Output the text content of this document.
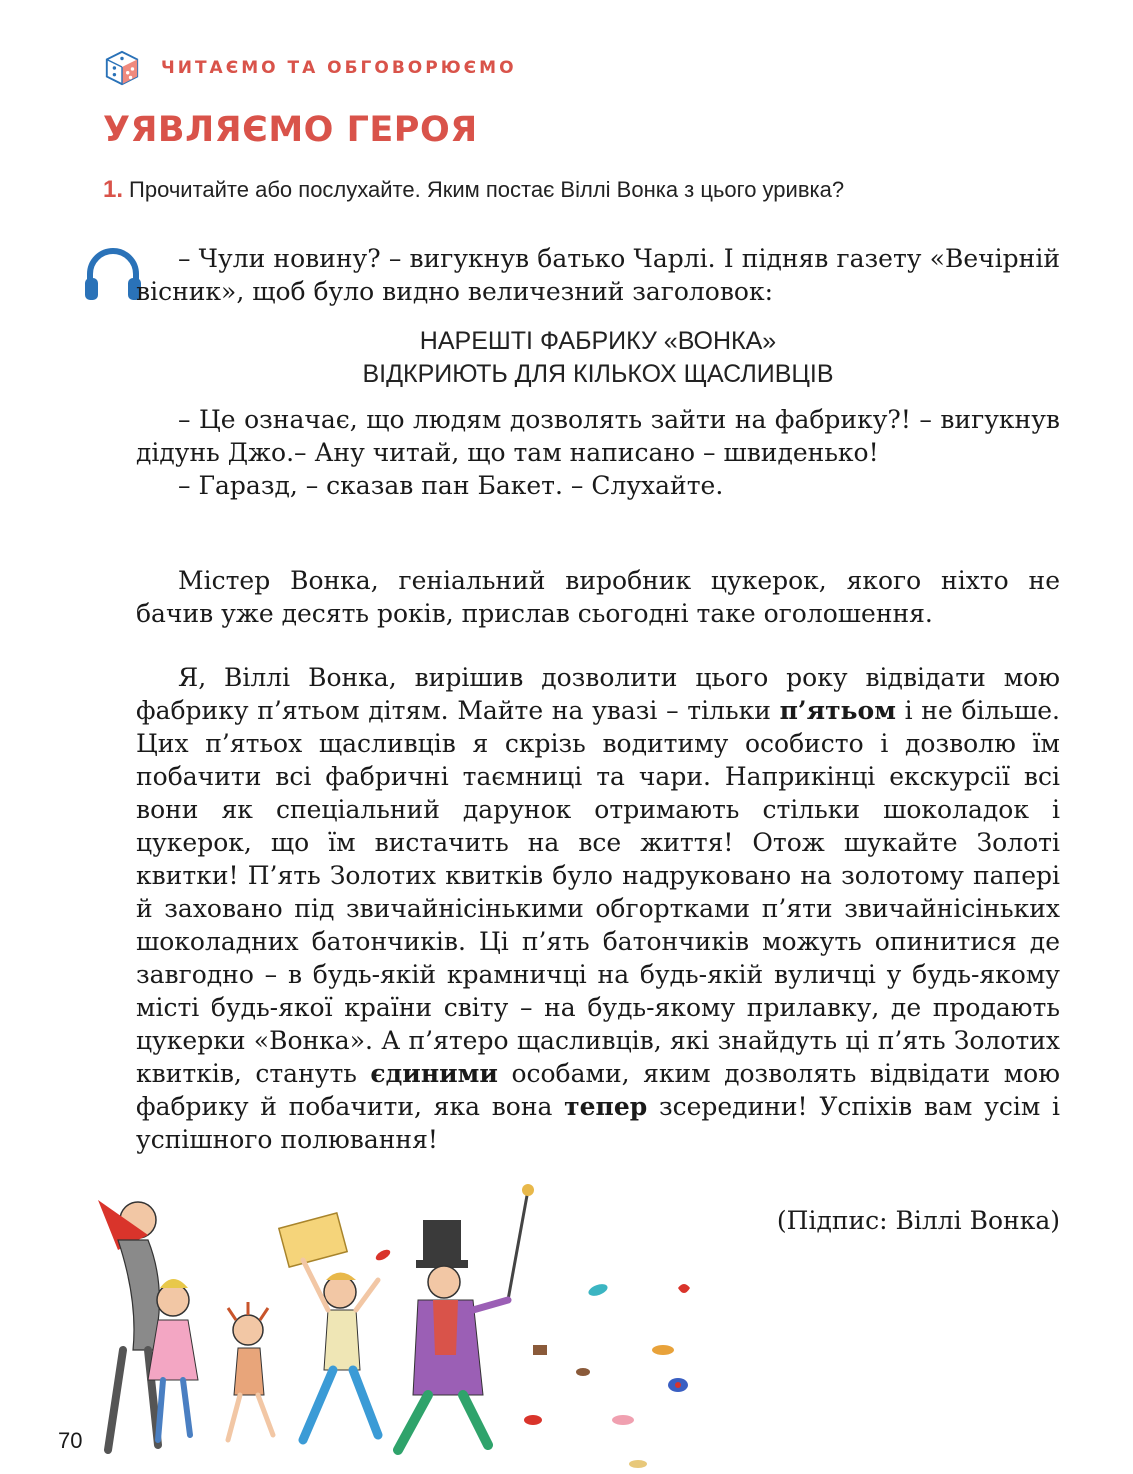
ЧИТАЄМО ТА ОБГОВОРЮЄМО
УЯВЛЯЄМО ГЕРОЯ
1. Прочитайте або послухайте. Яким постає Віллі Вонка з цього уривка?

– Чули новину? – вигукнув батько Чарлі. І підняв газету «Вечірній вісник», щоб було видно величезний заголовок:

НАРЕШТІ ФАБРИКУ «ВОНКА»
ВІДКРИЮТЬ ДЛЯ КІЛЬКОХ ЩАСЛИВЦІВ

– Це означає, що людям дозволять зайти на фабрику?! – вигукнув дідунь Джо.– Ану читай, що там написано – швиденько!

– Гаразд, – сказав пан Бакет. – Слухайте.

Містер Вонка, геніальний виробник цукерок, якого ніхто не бачив уже десять років, прислав сьогодні таке оголошення.

Я, Віллі Вонка, вирішив дозволити цього року відвідати мою фабрику п’ятьом дітям. Майте на увазі – тільки п’ятьом і не більше. Цих п’ятьох щасливців я скрізь водитиму особисто і дозволю їм побачити всі фабричні таємниці та чари. Наприкінці екскурсії всі вони як спеціальний дарунок отримають стільки шоколадок і цукерок, що їм вистачить на все життя! Отож шукайте Золоті квитки! П’ять Золотих квитків було надруковано на золотому папері й заховано під звичайнісінькими обгортками п’яти звичайнісіньких шоколадних батончиків. Ці п’ять батончиків можуть опинитися де завгодно – в будь-якій крамничці на будь-якій вуличці у будь-якому місті будь-якої країни світу – на будь-якому прилавку, де продають цукерки «Вонка». А п’ятеро щасливців, які знайдуть ці п’ять Золотих квитків, стануть єдиними особами, яким дозволять відвідати мою фабрику й побачити, яка вона тепер зсередини! Успіхів вам усім і успішного полювання!

(Підпис: Віллі Вонка)
70
